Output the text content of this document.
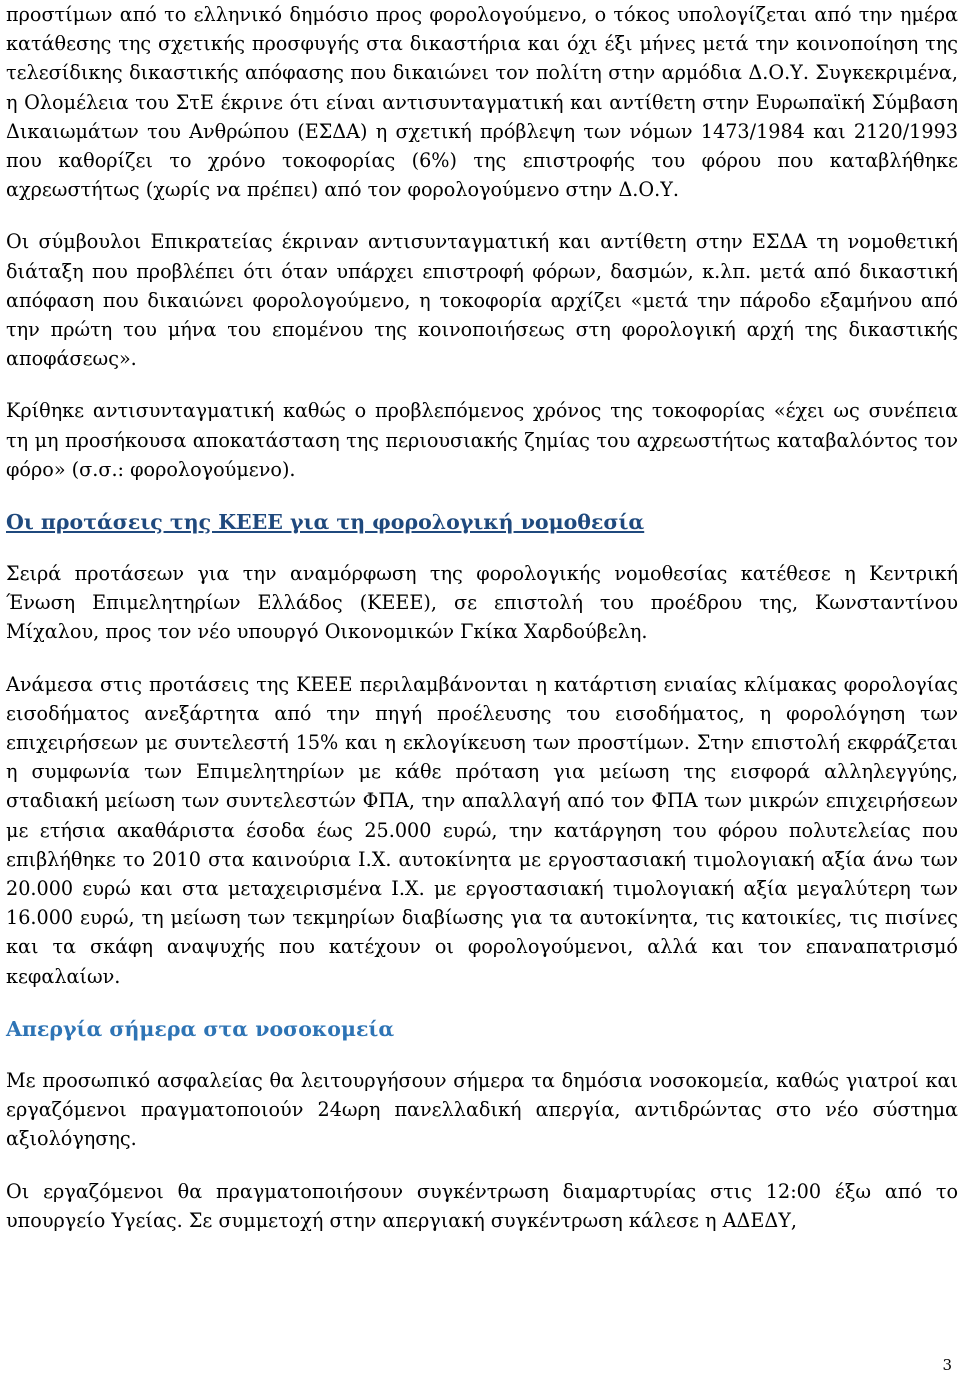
προστίμων από το ελληνικό δημόσιο προς φορολογούμενο, ο τόκος υπολογίζεται από την ημέρα κατάθεσης της σχετικής προσφυγής στα δικαστήρια και όχι έξι μήνες μετά την κοινοποίηση της τελεσίδικης δικαστικής απόφασης που δικαιώνει τον πολίτη στην αρμόδια Δ.Ο.Υ. Συγκεκριμένα, η Ολομέλεια του ΣτΕ έκρινε ότι είναι αντισυνταγματική και αντίθετη στην Ευρωπαϊκή Σύμβαση Δικαιωμάτων του Ανθρώπου (ΕΣΔΑ) η σχετική πρόβλεψη των νόμων 1473/1984 και 2120/1993 που καθορίζει το χρόνο τοκοφορίας (6%) της επιστροφής του φόρου που καταβλήθηκε αχρεωστήτως (χωρίς να πρέπει) από τον φορολογούμενο στην Δ.Ο.Υ.

Οι σύμβουλοι Επικρατείας έκριναν αντισυνταγματική και αντίθετη στην ΕΣΔΑ τη νομοθετική διάταξη που προβλέπει ότι όταν υπάρχει επιστροφή φόρων, δασμών, κ.λπ. μετά από δικαστική απόφαση που δικαιώνει φορολογούμενο, η τοκοφορία αρχίζει «μετά την πάροδο εξαμήνου από την πρώτη του μήνα του επομένου της κοινοποιήσεως στη φορολογική αρχή της δικαστικής αποφάσεως».

Κρίθηκε αντισυνταγματική καθώς ο προβλεπόμενος χρόνος της τοκοφορίας «έχει ως συνέπεια τη μη προσήκουσα αποκατάσταση της περιουσιακής ζημίας του αχρεωστήτως καταβαλόντος τον φόρο» (σ.σ.: φορολογούμενο).

Οι προτάσεις της ΚΕΕΕ για τη φορολογική νομοθεσία

Σειρά προτάσεων για την αναμόρφωση της φορολογικής νομοθεσίας κατέθεσε η Κεντρική Ένωση Επιμελητηρίων Ελλάδος (ΚΕΕΕ), σε επιστολή του προέδρου της, Κωνσταντίνου Μίχαλου, προς τον νέο υπουργό Οικονομικών Γκίκα Χαρδούβελη.

Ανάμεσα στις προτάσεις της ΚΕΕΕ περιλαμβάνονται η κατάρτιση ενιαίας κλίμακας φορολογίας εισοδήματος ανεξάρτητα από την πηγή προέλευσης του εισοδήματος, η φορολόγηση των επιχειρήσεων με συντελεστή 15% και η εκλογίκευση των προστίμων. Στην επιστολή εκφράζεται η συμφωνία των Επιμελητηρίων με κάθε πρόταση για μείωση της εισφορά αλληλεγγύης, σταδιακή μείωση των συντελεστών ΦΠΑ, την απαλλαγή από τον ΦΠΑ των μικρών επιχειρήσεων με ετήσια ακαθάριστα έσοδα έως 25.000 ευρώ, την κατάργηση του φόρου πολυτελείας που επιβλήθηκε το 2010 στα καινούρια Ι.Χ. αυτοκίνητα με εργοστασιακή τιμολογιακή αξία άνω των 20.000 ευρώ και στα μεταχειρισμένα Ι.Χ. με εργοστασιακή τιμολογιακή αξία μεγαλύτερη των 16.000 ευρώ, τη μείωση των τεκμηρίων διαβίωσης για τα αυτοκίνητα, τις κατοικίες, τις πισίνες και τα σκάφη αναψυχής που κατέχουν οι φορολογούμενοι, αλλά και τον επαναπατρισμό κεφαλαίων.

Απεργία σήμερα στα νοσοκομεία

Με προσωπικό ασφαλείας θα λειτουργήσουν σήμερα τα δημόσια νοσοκομεία, καθώς γιατροί και εργαζόμενοι πραγματοποιούν 24ωρη πανελλαδική απεργία, αντιδρώντας στο νέο σύστημα αξιολόγησης.

Οι εργαζόμενοι θα πραγματοποιήσουν συγκέντρωση διαμαρτυρίας στις 12:00 έξω από το υπουργείο Υγείας. Σε συμμετοχή στην απεργιακή συγκέντρωση κάλεσε η ΑΔΕΔΥ,

3
